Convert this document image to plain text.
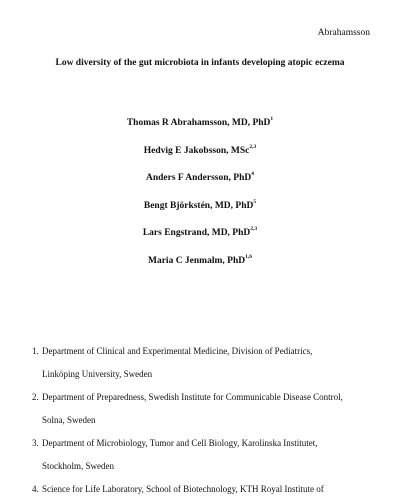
Abrahamsson
Low diversity of the gut microbiota in infants developing atopic eczema
Thomas R Abrahamsson, MD, PhD$^1$
Hedvig E Jakobsson, MSc$^{2,3}$
Anders F Andersson, PhD$^4$
Bengt Björkstén, MD, PhD$^5$
Lars Engstrand, MD, PhD$^{2,3}$
Maria C Jenmalm, PhD$^{1,6}$
1. Department of Clinical and Experimental Medicine, Division of Pediatrics,
Linköping University, Sweden
2. Department of Preparedness, Swedish Institute for Communicable Disease Control,
Solna, Sweden
3. Department of Microbiology, Tumor and Cell Biology, Karolinska Institutet,
Stockholm, Sweden
4. Science for Life Laboratory, School of Biotechnology, KTH Royal Institute of
